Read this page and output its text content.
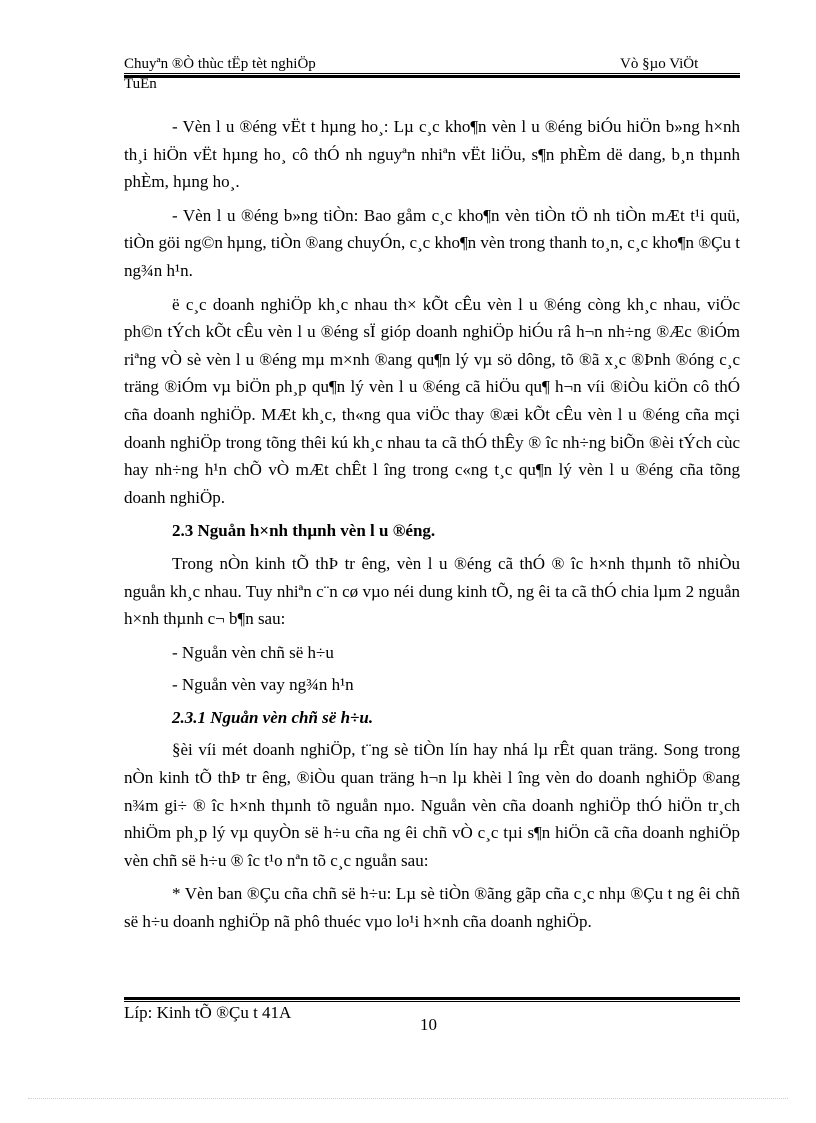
Chuyªn ®Ò thùc tËp tèt nghiÖp	Vò §µo ViÖt
TuÊn

- Vèn l u ®éng vËt t hµng ho¸: Lµ c¸c kho¶n vèn l u ®éng biÓu hiÖn b»ng h×nh th¸i hiÖn vËt hµng ho¸ cô thÓ nh nguyªn nhiªn vËt liÖu, s¶n phÈm dë dang, b¸n thµnh phÈm, hµng ho¸.

- Vèn l u ®éng b»ng tiÒn: Bao gåm c¸c kho¶n vèn tiÒn tÖ nh tiÒn mÆt t¹i quü, tiÒn göi ng©n hµng, tiÒn ®ang chuyÓn, c¸c kho¶n vèn trong thanh to¸n, c¸c kho¶n ®Çu t ng¾n h¹n.

ë c¸c doanh nghiÖp kh¸c nhau th× kÕt cÊu vèn l u ®éng còng kh¸c nhau, viÖc ph©n tÝch kÕt cÊu vèn l u ®éng sÏ gióp doanh nghiÖp hiÓu râ h¬n nh÷ng ®Æc ®iÓm riªng vÒ sè vèn l u ®éng mµ m×nh ®ang qu¶n lý vµ sö dông, tõ ®ã x¸c ®Þnh ®óng c¸c träng ®iÓm vµ biÖn ph¸p qu¶n lý vèn l u ®éng cã hiÖu qu¶ h¬n víi ®iÒu kiÖn cô thÓ cña doanh nghiÖp. MÆt kh¸c, th«ng qua viÖc thay ®æi kÕt cÊu vèn l u ®éng cña mçi doanh nghiÖp trong tõng thêi kú kh¸c nhau ta cã thÓ thÊy ® îc nh÷ng biÕn ®èi tÝch cùc hay nh÷ng h¹n chÕ vÒ mÆt chÊt l îng trong c«ng t¸c qu¶n lý vèn l u ®éng cña tõng doanh nghiÖp.

2.3 Nguån h×nh thµnh vèn l u ®éng.

Trong nÒn kinh tÕ thÞ tr êng, vèn l u ®éng cã thÓ ® îc h×nh thµnh tõ nhiÒu nguån kh¸c nhau. Tuy nhiªn c¨n cø vµo néi dung kinh tÕ, ng êi ta cã thÓ chia lµm 2 nguån h×nh thµnh c¬ b¶n sau:

- Nguån vèn chñ së h÷u

- Nguån vèn vay ng¾n h¹n

2.3.1 Nguån vèn chñ së h÷u.

§èi víi mét doanh nghiÖp, t¨ng sè tiÒn lín hay nhá lµ rÊt quan träng. Song trong nÒn kinh tÕ thÞ tr êng, ®iÒu quan träng h¬n lµ khèi l îng vèn do doanh nghiÖp ®ang n¾m gi÷ ® îc h×nh thµnh tõ nguån nµo. Nguån vèn cña doanh nghiÖp thÓ hiÖn tr¸ch nhiÖm ph¸p lý vµ quyÒn së h÷u cña ng êi chñ vÒ c¸c tµi s¶n hiÖn cã cña doanh nghiÖp vèn chñ së h÷u ® îc t¹o nªn tõ c¸c nguån sau:

* Vèn ban ®Çu cña chñ së h÷u: Lµ sè tiÒn ®ãng gãp cña c¸c nhµ ®Çu t ng êi chñ së h÷u doanh nghiÖp nã phô thuéc vµo lo¹i h×nh cña doanh nghiÖp.

Líp: Kinh tÕ ®Çu t 41A
10
